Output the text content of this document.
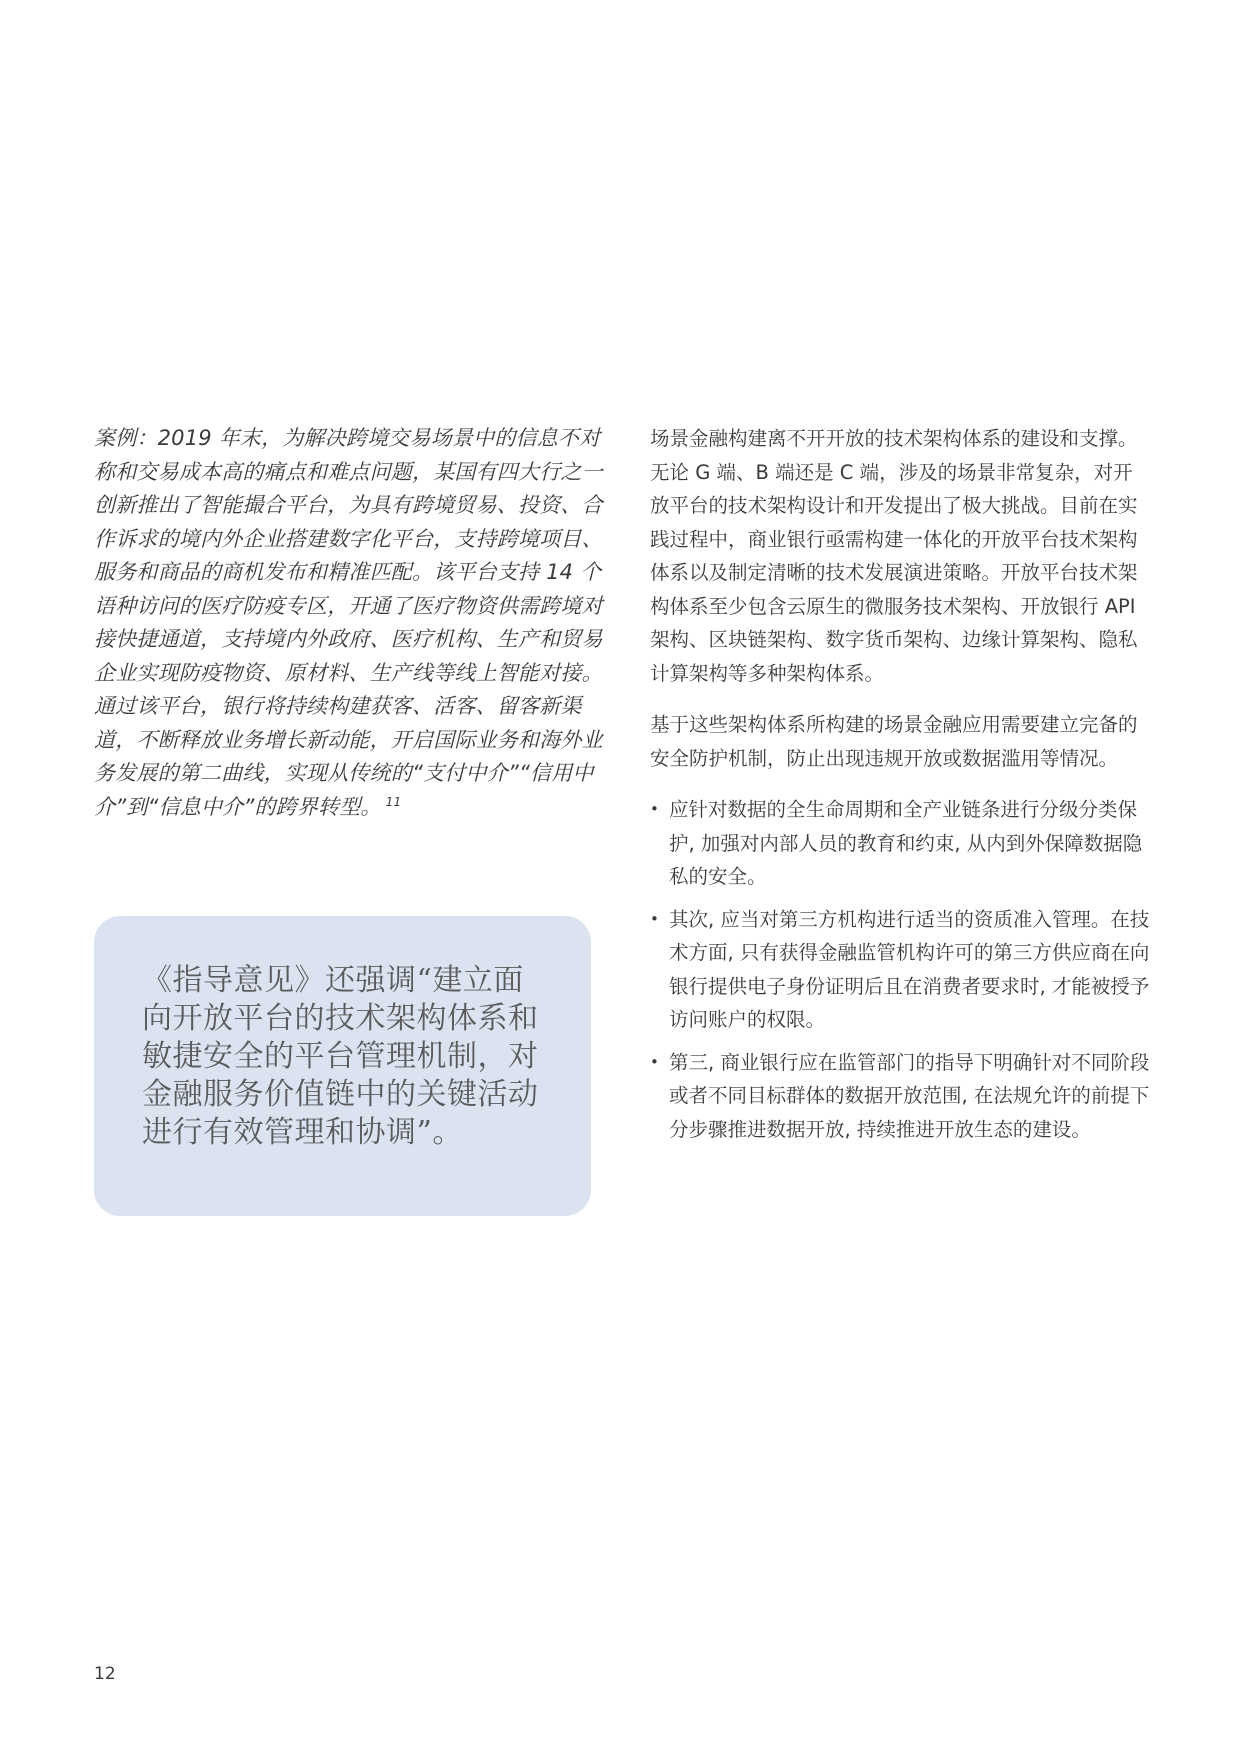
案例：2019 年末，为解决跨境交易场景中的信息不对称和交易成本高的痛点和难点问题，某国有四大行之一创新推出了智能撮合平台，为具有跨境贸易、投资、合作诉求的境内外企业搭建数字化平台，支持跨境项目、服务和商品的商机发布和精准匹配。该平台支持 14 个语种访问的医疗防疫专区，开通了医疗物资供需跨境对接快捷通道，支持境内外政府、医疗机构、生产和贸易企业实现防疫物资、原材料、生产线等线上智能对接。通过该平台，银行将持续构建获客、活客、留客新渠道，不断释放业务增长新动能，开启国际业务和海外业务发展的第二曲线，实现从传统的“支付中介”“信用中介”到“信息中介”的跨界转型。 $^{11}$

《指导意见》还强调“建立面向开放平台的技术架构体系和敏捷安全的平台管理机制，对金融服务价值链中的关键活动进行有效管理和协调”。

场景金融构建离不开开放的技术架构体系的建设和支撑。无论 G 端、B 端还是 C 端，涉及的场景非常复杂，对开放平台的技术架构设计和开发提出了极大挑战。目前在实践过程中，商业银行亟需构建一体化的开放平台技术架构体系以及制定清晰的技术发展演进策略。开放平台技术架构体系至少包含云原生的微服务技术架构、开放银行 API 架构、区块链架构、数字货币架构、边缘计算架构、隐私计算架构等多种架构体系。

基于这些架构体系所构建的场景金融应用需要建立完备的安全防护机制，防止出现违规开放或数据滥用等情况。

• 应针对数据的全生命周期和全产业链条进行分级分类保护, 加强对内部人员的教育和约束, 从内到外保障数据隐私的安全。
• 其次, 应当对第三方机构进行适当的资质准入管理。在技术方面, 只有获得金融监管机构许可的第三方供应商在向银行提供电子身份证明后且在消费者要求时, 才能被授予访问账户的权限。
• 第三, 商业银行应在监管部门的指导下明确针对不同阶段或者不同目标群体的数据开放范围, 在法规允许的前提下分步骤推进数据开放, 持续推进开放生态的建设。
12
